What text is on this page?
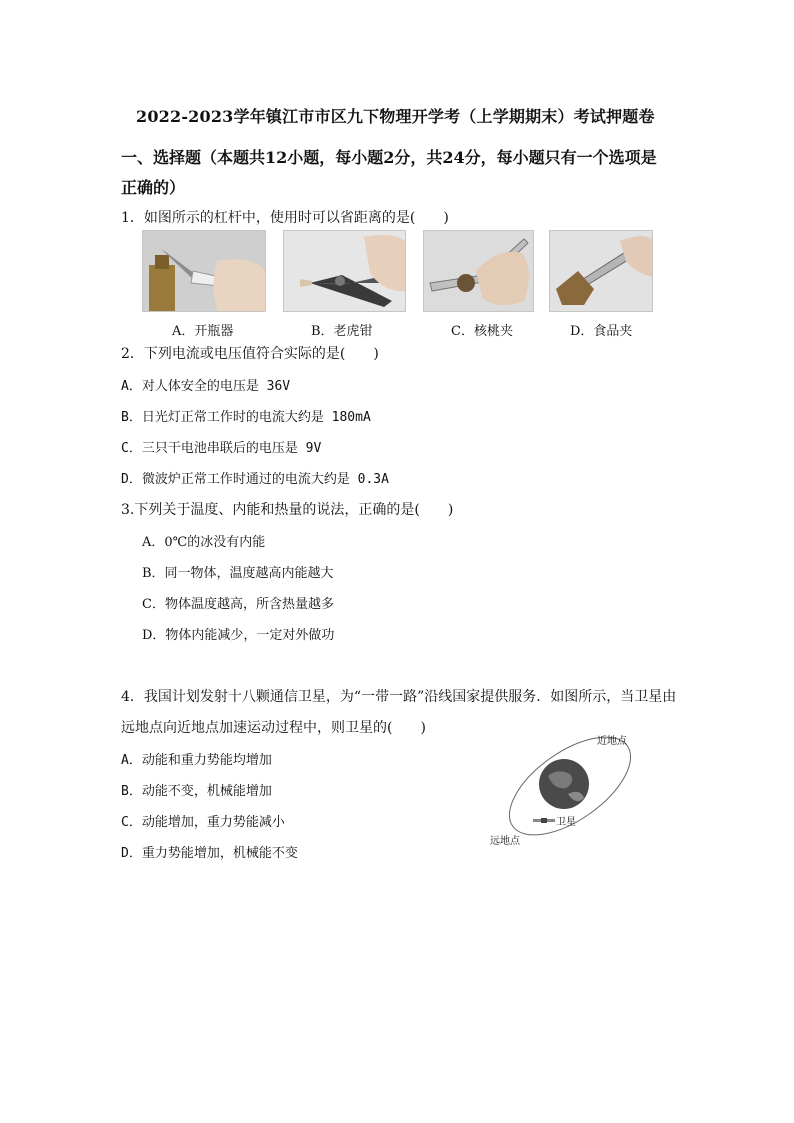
2022-2023学年镇江市市区九下物理开学考（上学期期末）考试押题卷
一、选择题（本题共12小题，每小题2分，共24分，每小题只有一个选项是
正确的）
1．如图所示的杠杆中，使用时可以省距离的是(　　)
A．开瓶器	B．老虎钳	C．核桃夹	D．食品夹
2．下列电流或电压值符合实际的是(　　)
A．对人体安全的电压是 36V
B．日光灯正常工作时的电流大约是 180mA
C．三只干电池串联后的电压是 9V
D．微波炉正常工作时通过的电流大约是 0.3A
3.下列关于温度、内能和热量的说法，正确的是(　　)
A．0℃的冰没有内能
B．同一物体，温度越高内能越大
C．物体温度越高，所含热量越多
D．物体内能减少，一定对外做功
4．我国计划发射十八颗通信卫星，为“一带一路”沿线国家提供服务．如图所示，当卫星由
远地点向近地点加速运动过程中，则卫星的(　　)
A．动能和重力势能均增加
B．动能不变，机械能增加
C．动能增加，重力势能减小
D．重力势能增加，机械能不变
近地点
远地点
卫星
